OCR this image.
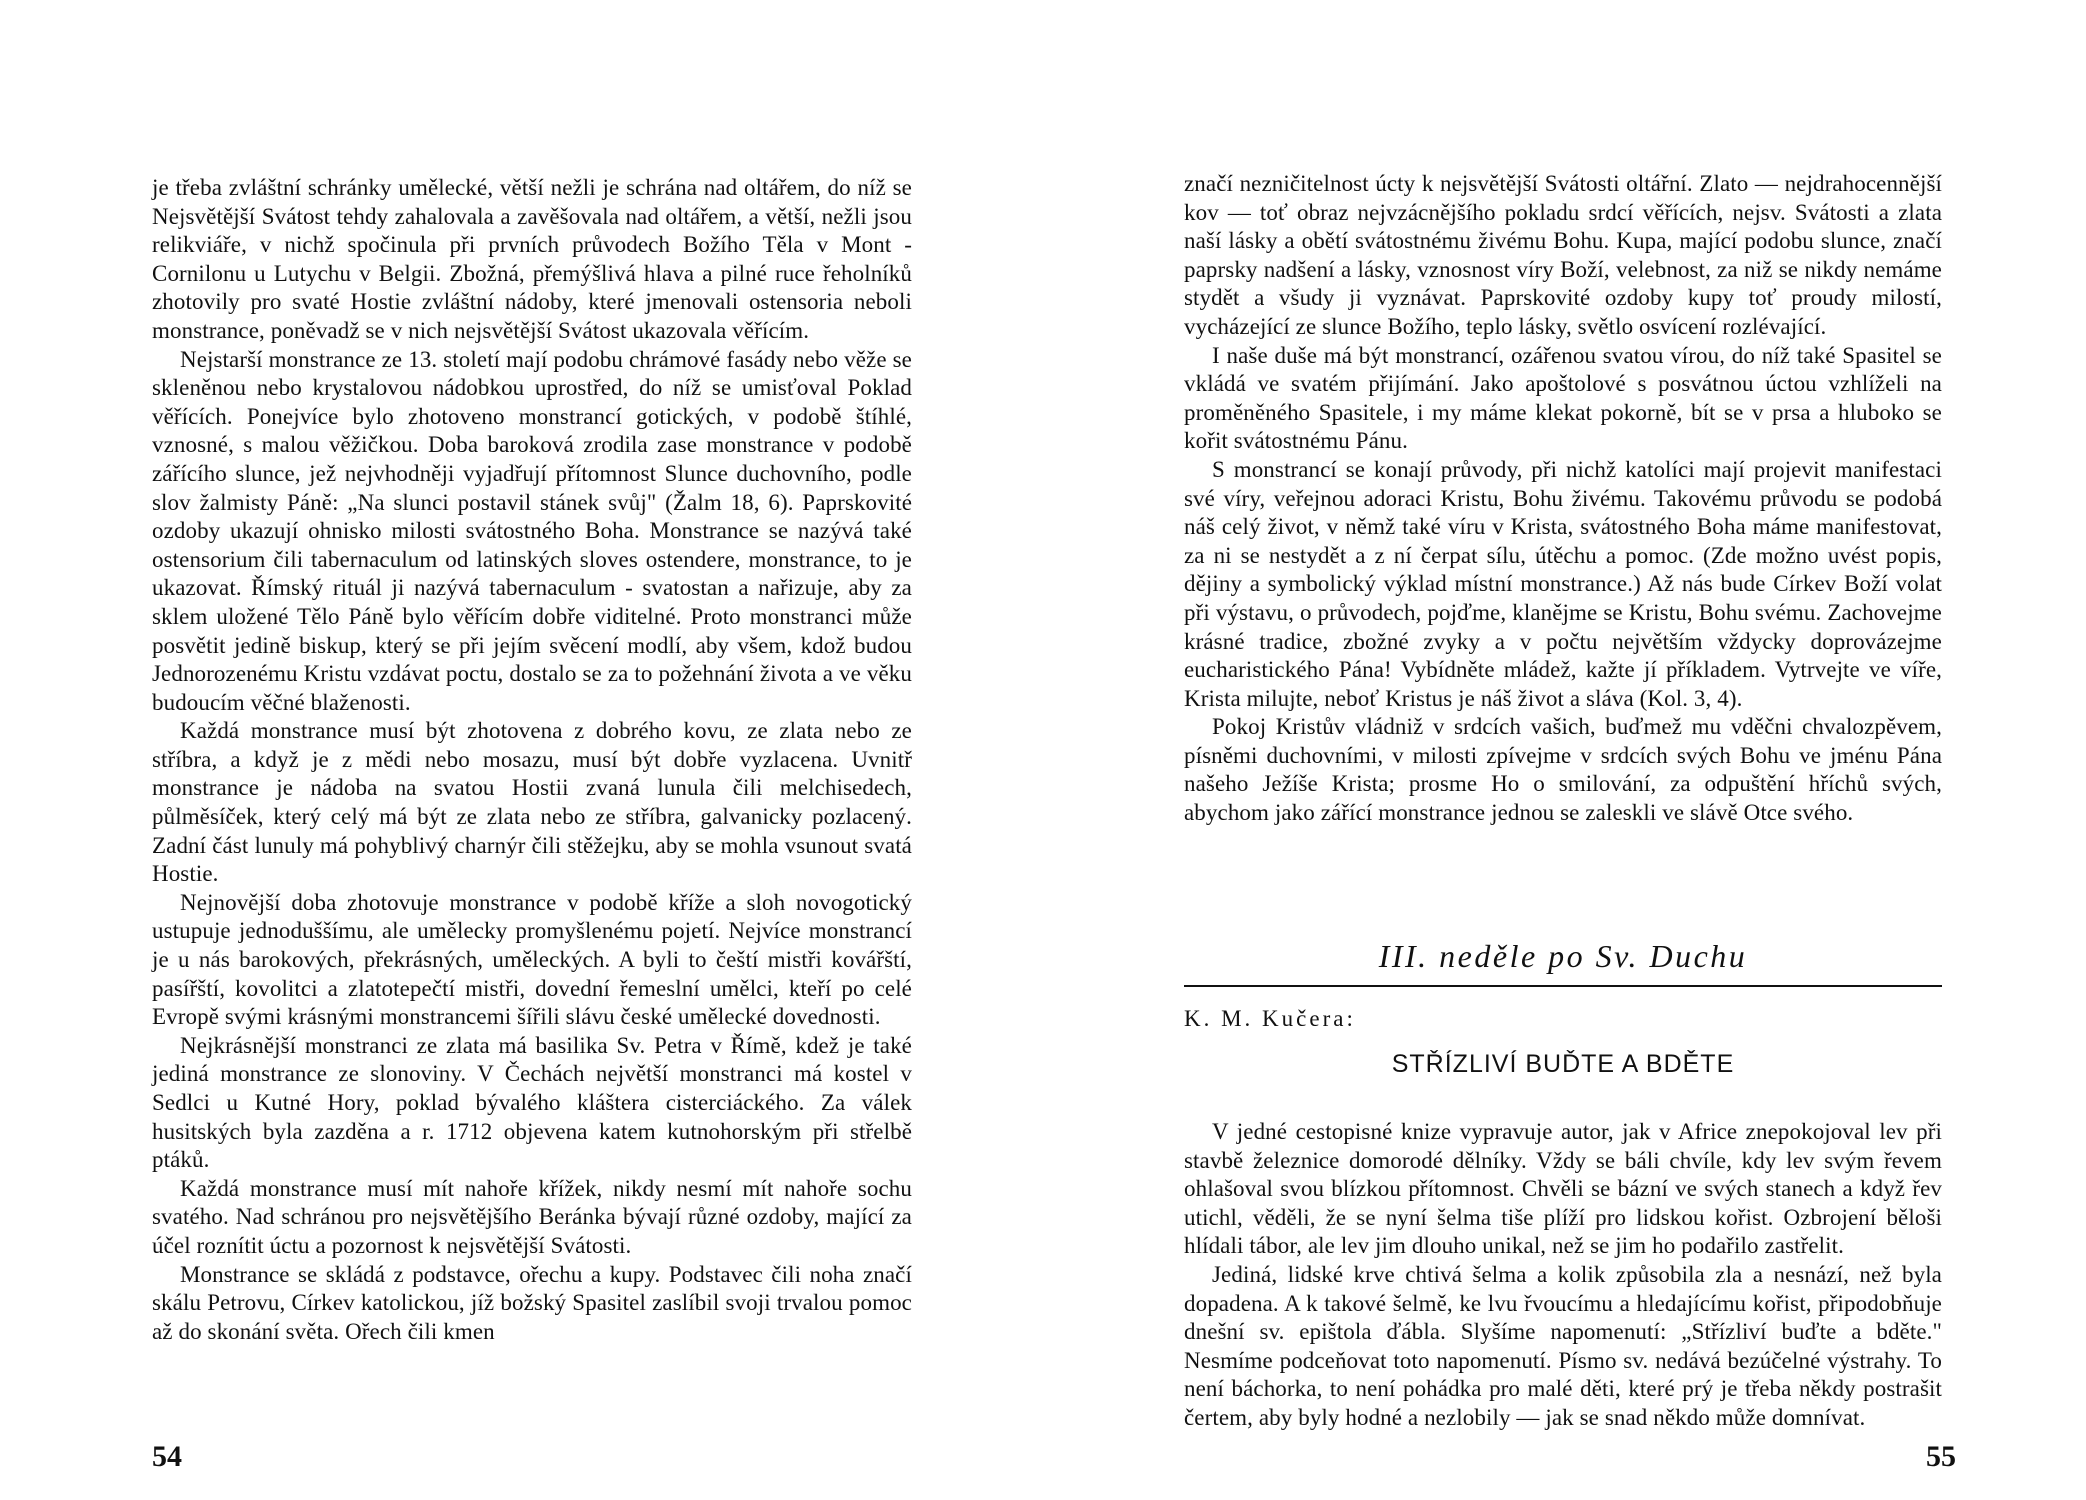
je třeba zvláštní schránky umělecké, větší nežli je schrána nad oltářem, do níž se Nejsvětější Svátost tehdy zahalovala a zavěšovala nad oltářem, a větší, nežli jsou relikviáře, v nichž spočinula při prvních průvodech Božího Těla v Mont - Cornilonu u Lutychu v Belgii. Zbožná, přemýšlivá hlava a pilné ruce řeholníků zhotovily pro svaté Hostie zvláštní nádoby, které jmenovali ostensoria neboli monstrance, poněvadž se v nich nejsvětější Svátost ukazovala věřícím.

Nejstarší monstrance ze 13. století mají podobu chrámové fasády nebo věže se skleněnou nebo krystalovou nádobkou uprostřed, do níž se umisťoval Poklad věřících. Ponejvíce bylo zhotoveno monstrancí gotických, v podobě štíhlé, vznosné, s malou věžičkou. Doba baroková zrodila zase monstrance v podobě zářícího slunce, jež nejvhodněji vyjadřují přítomnost Slunce duchovního, podle slov žalmisty Páně: „Na slunci postavil stánek svůj" (Žalm 18, 6). Paprskovité ozdoby ukazují ohnisko milosti svátostného Boha. Monstrance se nazývá také ostensorium čili tabernaculum od latinských sloves ostendere, monstrance, to je ukazovat. Římský rituál ji nazývá tabernaculum - svatostan a nařizuje, aby za sklem uložené Tělo Páně bylo věřícím dobře viditelné. Proto monstranci může posvětit jedině biskup, který se při jejím svěcení modlí, aby všem, kdož budou Jednorozenému Kristu vzdávat poctu, dostalo se za to požehnání života a ve věku budoucím věčné blaženosti.

Každá monstrance musí být zhotovena z dobrého kovu, ze zlata nebo ze stříbra, a když je z mědi nebo mosazu, musí být dobře vyzlacena. Uvnitř monstrance je nádoba na svatou Hostii zvaná lunula čili melchisedech, půlměsíček, který celý má být ze zlata nebo ze stříbra, galvanicky pozlacený. Zadní část lunuly má pohyblivý charnýr čili stěžejku, aby se mohla vsunout svatá Hostie.

Nejnovější doba zhotovuje monstrance v podobě kříže a sloh novogotický ustupuje jednoduššímu, ale umělecky promyšlenému pojetí. Nejvíce monstrancí je u nás barokových, překrásných, uměleckých. A byli to čeští mistři kovářští, pasířští, kovolitci a zlatotepečtí mistři, dovední řemeslní umělci, kteří po celé Evropě svými krásnými monstrancemi šířili slávu české umělecké dovednosti.

Nejkrásnější monstranci ze zlata má basilika Sv. Petra v Římě, kdež je také jediná monstrance ze slonoviny. V Čechách největší monstranci má kostel v Sedlci u Kutné Hory, poklad bývalého kláštera cisterciáckého. Za válek husitských byla zazděna a r. 1712 objevena katem kutnohorským při střelbě ptáků.

Každá monstrance musí mít nahoře křížek, nikdy nesmí mít nahoře sochu svatého. Nad schránou pro nejsvětějšího Beránka bývají různé ozdoby, mající za účel roznítit úctu a pozornost k nejsvětější Svátosti.

Monstrance se skládá z podstavce, ořechu a kupy. Podstavec čili noha značí skálu Petrovu, Církev katolickou, jíž božský Spasitel zaslíbil svoji trvalou pomoc až do skonání světa. Ořech čili kmen

54

značí nezničitelnost úcty k nejsvětější Svátosti oltářní. Zlato — nejdrahocennější kov — toť obraz nejvzácnějšího pokladu srdcí věřících, nejsv. Svátosti a zlata naší lásky a obětí svátostnému živému Bohu. Kupa, mající podobu slunce, značí paprsky nadšení a lásky, vznosnost víry Boží, velebnost, za niž se nikdy nemáme stydět a všudy ji vyznávat. Paprskovité ozdoby kupy toť proudy milostí, vycházející ze slunce Božího, teplo lásky, světlo osvícení rozlévající.

I naše duše má být monstrancí, ozářenou svatou vírou, do níž také Spasitel se vkládá ve svatém přijímání. Jako apoštolové s posvátnou úctou vzhlíželi na proměněného Spasitele, i my máme klekat pokorně, bít se v prsa a hluboko se kořit svátostnému Pánu.

S monstrancí se konají průvody, při nichž katolíci mají projevit manifestaci své víry, veřejnou adoraci Kristu, Bohu živému. Takovému průvodu se podobá náš celý život, v němž také víru v Krista, svátostného Boha máme manifestovat, za ni se nestydět a z ní čerpat sílu, útěchu a pomoc. (Zde možno uvést popis, dějiny a symbolický výklad místní monstrance.) Až nás bude Církev Boží volat při výstavu, o průvodech, pojďme, klanějme se Kristu, Bohu svému. Zachovejme krásné tradice, zbožné zvyky a v počtu největším vždycky doprovázejme eucharistického Pána! Vybídněte mládež, kažte jí příkladem. Vytrvejte ve víře, Krista milujte, neboť Kristus je náš život a sláva (Kol. 3, 4).

Pokoj Kristův vládniž v srdcích vašich, buďmež mu vděčni chvalozpěvem, písněmi duchovními, v milosti zpívejme v srdcích svých Bohu ve jménu Pána našeho Ježíše Krista; prosme Ho o smilování, za odpuštění hříchů svých, abychom jako zářící monstrance jednou se zaleskli ve slávě Otce svého.

III. neděle po Sv. Duchu
K. M. Kučera:
STŘÍZLIVÍ BUĎTE A BDĚTE

V jedné cestopisné knize vypravuje autor, jak v Africe znepokojoval lev při stavbě železnice domorodé dělníky. Vždy se báli chvíle, kdy lev svým řevem ohlašoval svou blízkou přítomnost. Chvěli se bázní ve svých stanech a když řev utichl, věděli, že se nyní šelma tiše plíží pro lidskou kořist. Ozbrojení běloši hlídali tábor, ale lev jim dlouho unikal, než se jim ho podařilo zastřelit.

Jediná, lidské krve chtivá šelma a kolik způsobila zla a nesnází, než byla dopadena. A k takové šelmě, ke lvu řvoucímu a hledajícímu kořist, připodobňuje dnešní sv. epištola ďábla. Slyšíme napomenutí: „Střízliví buďte a bděte." Nesmíme podceňovat toto napomenutí. Písmo sv. nedává bezúčelné výstrahy. To není báchorka, to není pohádka pro malé děti, které prý je třeba někdy postrašit čertem, aby byly hodné a nezlobily — jak se snad někdo může domnívat.

55
